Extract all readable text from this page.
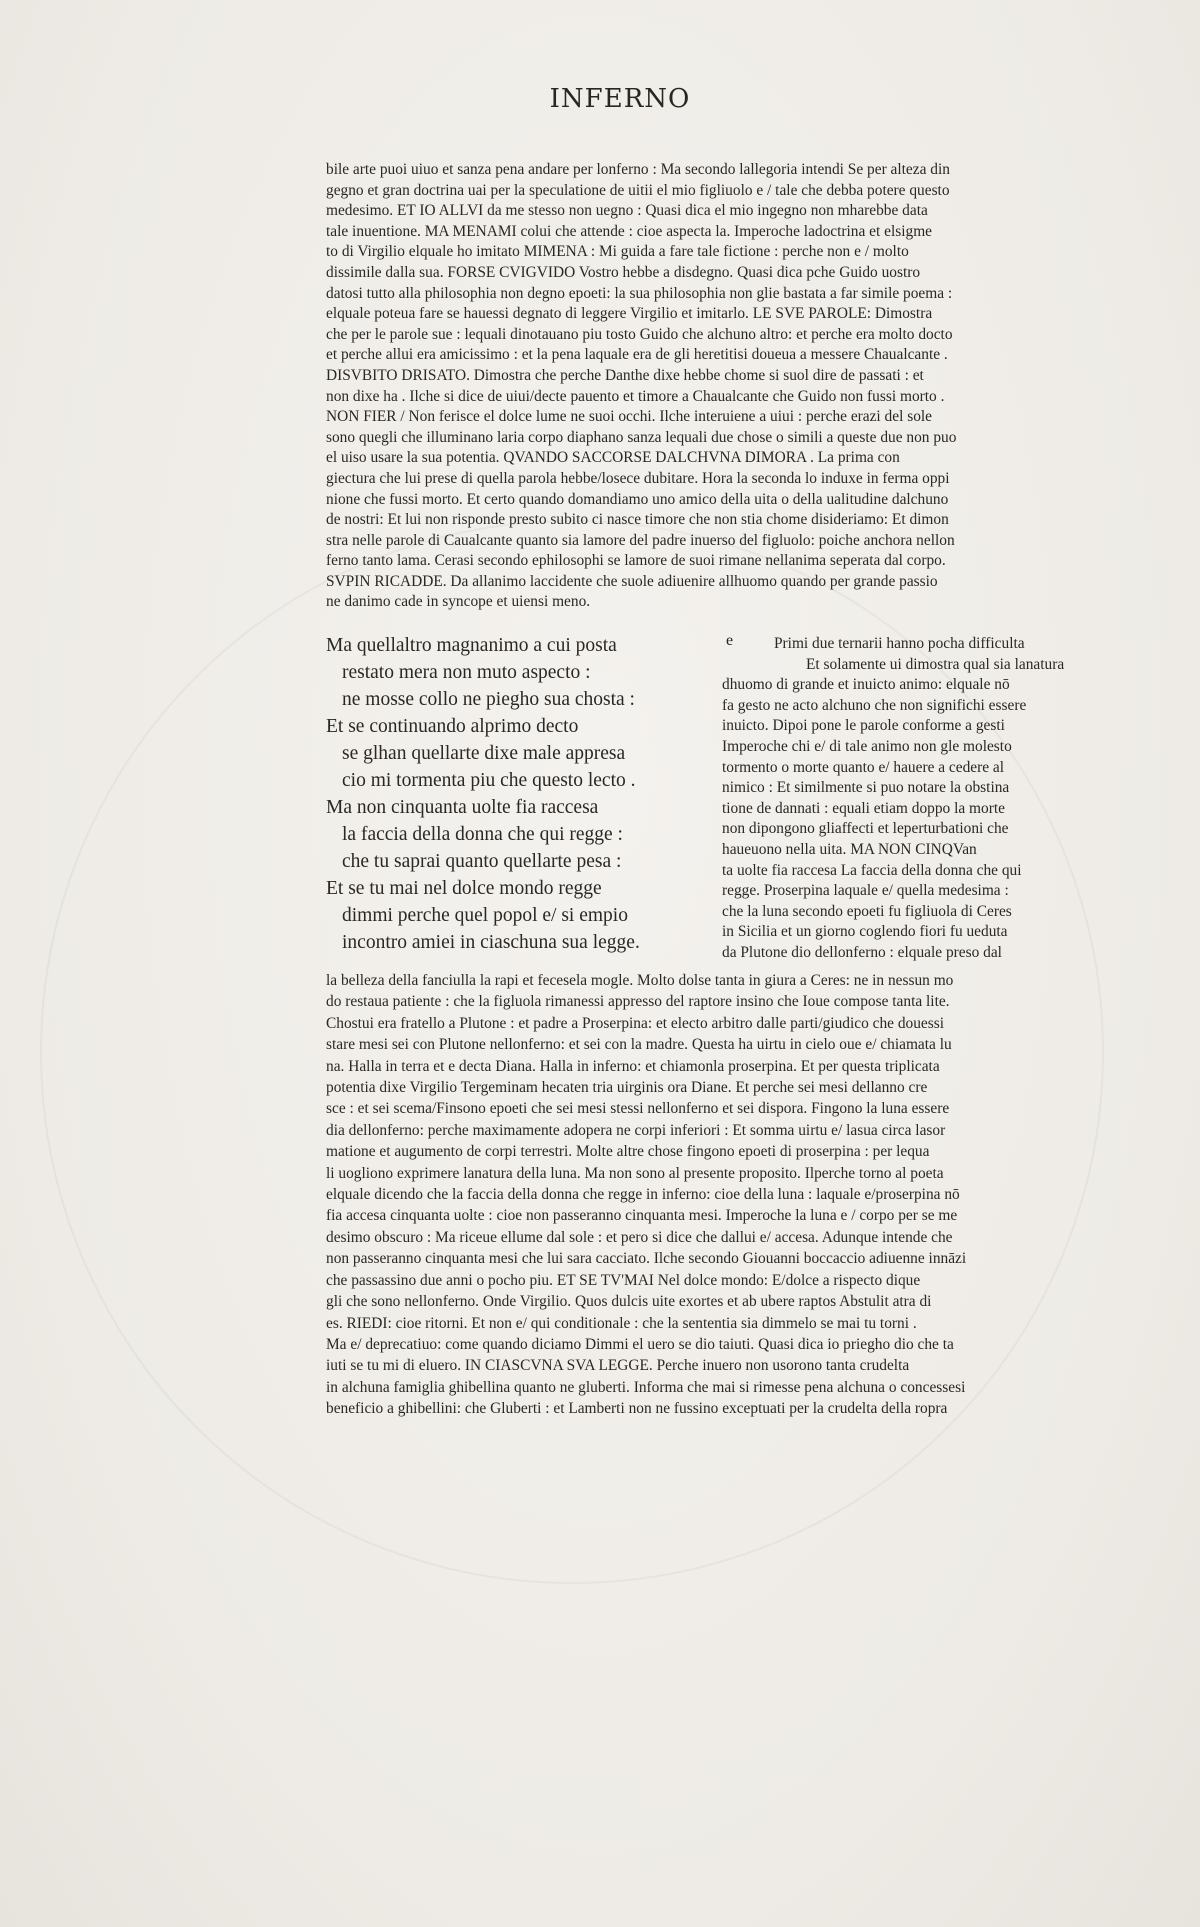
INFERNO
bile arte puoi uiuo et sanza pena andare per lonferno : Ma secondo lallegoria intendi Se per alteza din
gegno et gran doctrina uai per la speculatione de uitii el mio figliuolo e / tale che debba potere questo
medesimo. ET IO ALLVI da me stesso non uegno : Quasi dica el mio ingegno non mharebbe data
tale inuentione. MA MENAMI colui che attende : cioe aspecta la. Imperoche ladoctrina et elsigme
to di Virgilio elquale ho imitato MIMENA : Mi guida a fare tale fictione : perche non e / molto
dissimile dalla sua. FORSE CVIGVIDO Vostro hebbe a disdegno. Quasi dica pche Guido uostro
datosi tutto alla philosophia non degno epoeti: la sua philosophia non glie bastata a far simile poema :
elquale poteua fare se hauessi degnato di leggere Virgilio et imitarlo. LE SVE PAROLE: Dimostra
che per le parole sue : lequali dinotauano piu tosto Guido che alchuno altro: et perche era molto docto
et perche allui era amicissimo : et la pena laquale era de gli heretitisi doueua a messere Chaualcante .
DISVBITO DRISATO. Dimostra che perche Danthe dixe hebbe chome si suol dire de passati : et
non dixe ha . Ilche si dice de uiui/decte pauento et timore a Chaualcante che Guido non fussi morto .
NON FIER / Non ferisce el dolce lume ne suoi occhi. Ilche interuiene a uiui : perche erazi del sole
sono quegli che illuminano laria corpo diaphano sanza lequali due chose o simili a queste due non puo
el uiso usare la sua potentia. QVANDO SACCORSE DALCHVNA DIMORA . La prima con
giectura che lui prese di quella parola hebbe/losece dubitare. Hora la seconda lo induxe in ferma oppi
nione che fussi morto. Et certo quando domandiamo uno amico della uita o della ualitudine dalchuno
de nostri: Et lui non risponde presto subito ci nasce timore che non stia chome disideriamo: Et dimon
stra nelle parole di Caualcante quanto sia lamore del padre inuerso del figluolo: poiche anchora nellon
ferno tanto lama. Cerasi secondo ephilosophi se lamore de suoi rimane nellanima seperata dal corpo.
SVPIN RICADDE. Da allanimo laccidente che suole adiuenire allhuomo quando per grande passio
ne danimo cade in syncope et uiensi meno.
Ma quellaltro magnanimo a cui posta
restato mera non muto aspecto :
ne mosse collo ne piegho sua chosta :
Et se continuando alprimo decto
se glhan quellarte dixe male appresa
cio mi tormenta piu che questo lecto .
Ma non cinquanta uolte fia raccesa
la faccia della donna che qui regge :
che tu saprai quanto quellarte pesa :
Et se tu mai nel dolce mondo regge
dimmi perche quel popol e/ si empio
incontro amiei in ciaschuna sua legge.
e	Primi due ternarii hanno pocha difficulta
Et solamente ui dimostra qual sia lanatura
dhuomo di grande et inuicto animo: elquale nō
fa gesto ne acto alchuno che non significhi essere
inuicto. Dipoi pone le parole conforme a gesti
Imperoche chi e/ di tale animo non gle molesto
tormento o morte quanto e/ hauere a cedere al
nimico : Et similmente si puo notare la obstina
tione de dannati : equali etiam doppo la morte
non dipongono gliaffecti et leperturbationi che
haueuono nella uita. MA NON CINQVan
ta uolte fia raccesa La faccia della donna che qui
regge. Proserpina laquale e/ quella medesima :
che la luna secondo epoeti fu figliuola di Ceres
in Sicilia et un giorno coglendo fiori fu ueduta
da Plutone dio dellonferno : elquale preso dal
la belleza della fanciulla la rapi et fecesela mogle. Molto dolse tanta in giura a Ceres: ne in nessun mo
do restaua patiente : che la figluola rimanessi appresso del raptore insino che Ioue compose tanta lite.
Chostui era fratello a Plutone : et padre a Proserpina: et electo arbitro dalle parti/giudico che douessi
stare mesi sei con Plutone nellonferno: et sei con la madre. Questa ha uirtu in cielo oue e/ chiamata lu
na. Halla in terra et e decta Diana. Halla in inferno: et chiamonla proserpina. Et per questa triplicata
potentia dixe Virgilio Tergeminam hecaten tria uirginis ora Diane. Et perche sei mesi dellanno cre
sce : et sei scema/Finsono epoeti che sei mesi stessi nellonferno et sei dispora. Fingono la luna essere
dia dellonferno: perche maximamente adopera ne corpi inferiori : Et somma uirtu e/ lasua circa lasor
matione et augumento de corpi terrestri. Molte altre chose fingono epoeti di proserpina : per lequa
li uogliono exprimere lanatura della luna. Ma non sono al presente proposito. Ilperche torno al poeta
elquale dicendo che la faccia della donna che regge in inferno: cioe della luna : laquale e/proserpina nō
fia accesa cinquanta uolte : cioe non passeranno cinquanta mesi. Imperoche la luna e / corpo per se me
desimo obscuro : Ma riceue ellume dal sole : et pero si dice che dallui e/ accesa. Adunque intende che
non passeranno cinquanta mesi che lui sara cacciato. Ilche secondo Giouanni boccaccio adiuenne innāzi
che passassino due anni o pocho piu. ET SE TV'MAI Nel dolce mondo: E/dolce a rispecto dique
gli che sono nellonferno. Onde Virgilio. Quos dulcis uite exortes et ab ubere raptos Abstulit atra di
es. RIEDI: cioe ritorni. Et non e/ qui conditionale : che la sententia sia dimmelo se mai tu torni .
Ma e/ deprecatiuo: come quando diciamo Dimmi el uero se dio taiuti. Quasi dica io priegho dio che ta
iuti se tu mi di eluero. IN CIASCVNA SVA LEGGE. Perche inuero non usorono tanta crudelta
in alchuna famiglia ghibellina quanto ne gluberti. Informa che mai si rimesse pena alchuna o concessesi
beneficio a ghibellini: che Gluberti : et Lamberti non ne fussino exceptuati per la crudelta della ropra
